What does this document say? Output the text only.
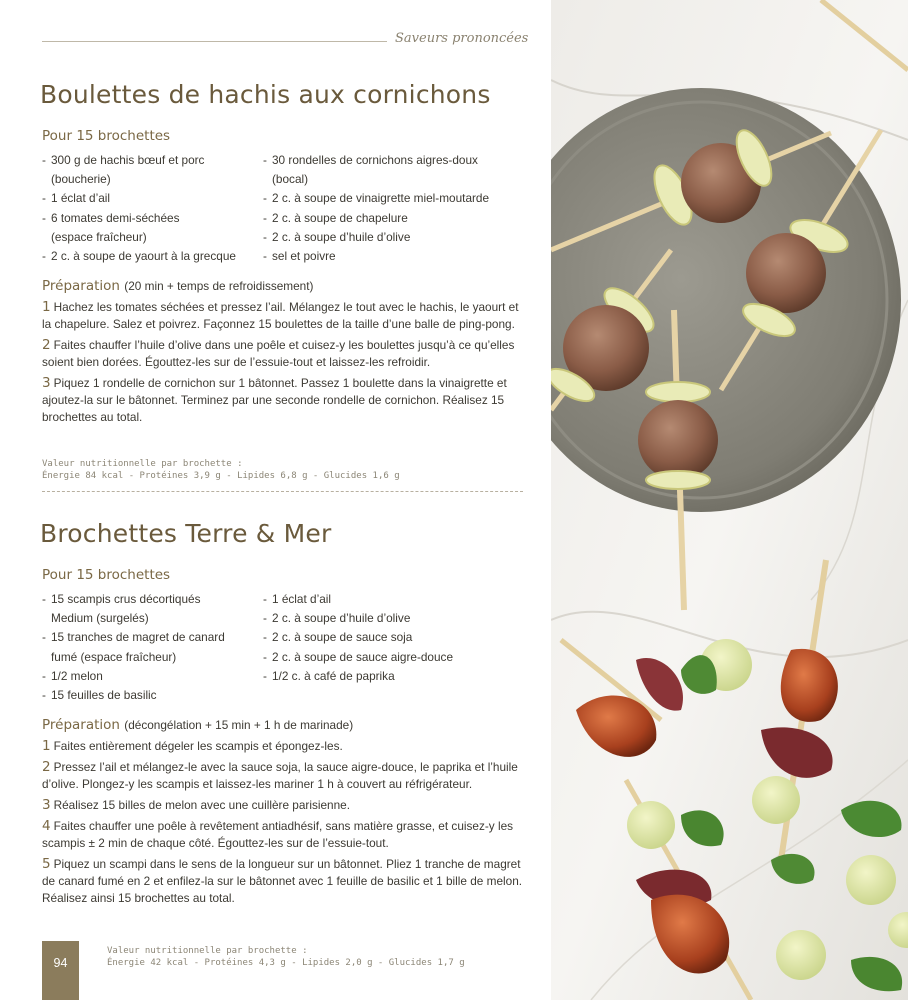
Saveurs prononcées
Boulettes de hachis aux cornichons
Pour 15 brochettes
- 300 g de hachis bœuf et porc
(boucherie)
- 1 éclat d’ail
- 6 tomates demi-séchées
(espace fraîcheur)
- 2 c. à soupe de yaourt à la grecque
- 30 rondelles de cornichons aigres-doux
(bocal)
- 2 c. à soupe de vinaigrette miel-moutarde
- 2 c. à soupe de chapelure
- 2 c. à soupe d’huile d’olive
- sel et poivre
Préparation (20 min + temps de refroidissement)

1 Hachez les tomates séchées et pressez l’ail. Mélangez le tout avec le hachis, le yaourt et la chapelure. Salez et poivrez. Façonnez 15 boulettes de la taille d’une balle de ping-pong.

2 Faites chauffer l’huile d’olive dans une poêle et cuisez-y les boulettes jusqu’à ce qu’elles soient bien dorées. Égouttez-les sur de l’essuie-tout et laissez-les refroidir.

3 Piquez 1 rondelle de cornichon sur 1 bâtonnet. Passez 1 boulette dans la vinaigrette et ajoutez-la sur le bâtonnet. Terminez par une seconde rondelle de cornichon. Réalisez 15 brochettes au total.

Valeur nutritionnelle par brochette :
Énergie 84 kcal - Protéines 3,9 g - Lipides 6,8 g - Glucides 1,6 g
Brochettes Terre & Mer
Pour 15 brochettes
- 15 scampis crus décortiqués
Medium (surgelés)
- 15 tranches de magret de canard
fumé (espace fraîcheur)
- 1/2 melon
- 15 feuilles de basilic
- 1 éclat d’ail
- 2 c. à soupe d’huile d’olive
- 2 c. à soupe de sauce soja
- 2 c. à soupe de sauce aigre-douce
- 1/2 c. à café de paprika
Préparation (décongélation + 15 min + 1 h de marinade)

1 Faites entièrement dégeler les scampis et épongez-les.

2 Pressez l’ail et mélangez-le avec la sauce soja, la sauce aigre-douce, le paprika et l’huile d’olive. Plongez-y les scampis et laissez-les mariner 1 h à couvert au réfrigérateur.

3 Réalisez 15 billes de melon avec une cuillère parisienne.

4 Faites chauffer une poêle à revêtement antiadhésif, sans matière grasse, et cuisez-y les scampis ± 2 min de chaque côté. Égouttez-les sur de l’essuie-tout.

5 Piquez un scampi dans le sens de la longueur sur un bâtonnet. Pliez 1 tranche de magret de canard fumé en 2 et enfilez-la sur le bâtonnet avec 1 feuille de basilic et 1 bille de melon. Réalisez ainsi 15 brochettes au total.

Valeur nutritionnelle par brochette :
Énergie 42 kcal - Protéines 4,3 g - Lipides 2,0 g - Glucides 1,7 g
94
